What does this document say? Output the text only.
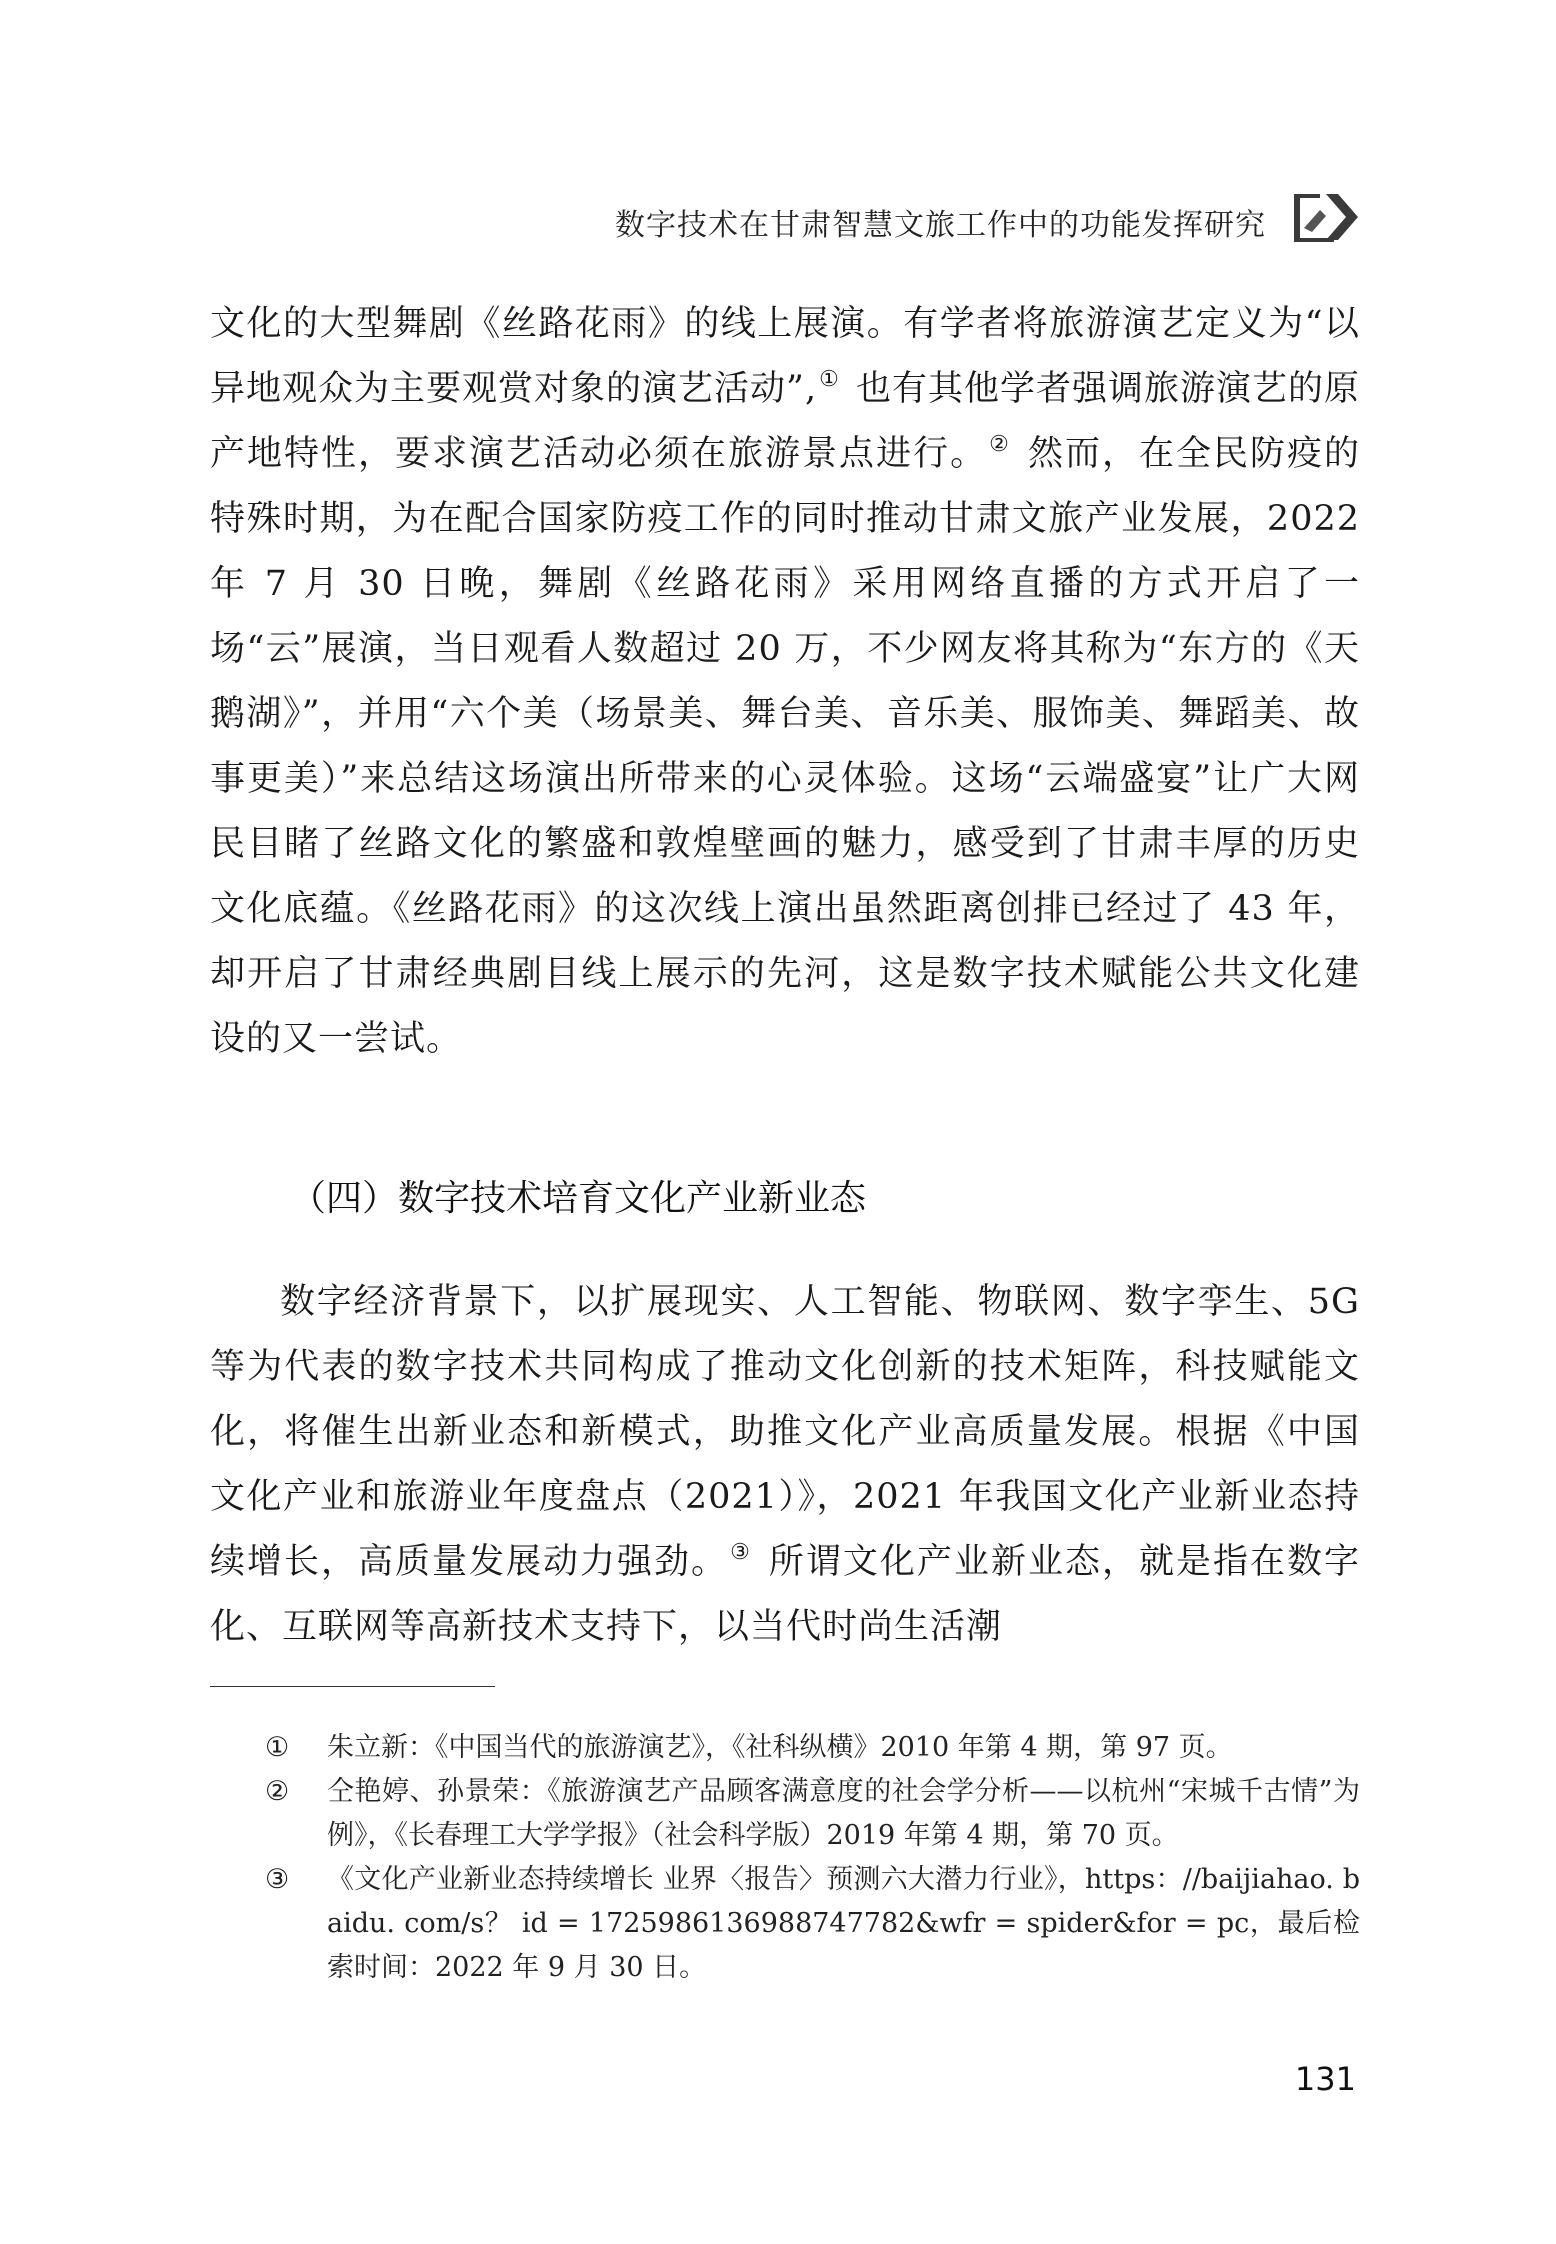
数字技术在甘肃智慧文旅工作中的功能发挥研究

文化的大型舞剧《丝路花雨》的线上展演。有学者将旅游演艺定义为“以异地观众为主要观赏对象的演艺活动”,① 也有其他学者强调旅游演艺的原产地特性，要求演艺活动必须在旅游景点进行。② 然而，在全民防疫的特殊时期，为在配合国家防疫工作的同时推动甘肃文旅产业发展，2022 年 7 月 30 日晚，舞剧《丝路花雨》采用网络直播的方式开启了一场“云”展演，当日观看人数超过 20 万，不少网友将其称为“东方的《天鹅湖》”，并用“六个美（场景美、舞台美、音乐美、服饰美、舞蹈美、故事更美）”来总结这场演出所带来的心灵体验。这场“云端盛宴”让广大网民目睹了丝路文化的繁盛和敦煌壁画的魅力，感受到了甘肃丰厚的历史文化底蕴。《丝路花雨》的这次线上演出虽然距离创排已经过了 43 年，却开启了甘肃经典剧目线上展示的先河，这是数字技术赋能公共文化建设的又一尝试。

（四）数字技术培育文化产业新业态

数字经济背景下，以扩展现实、人工智能、物联网、数字孪生、5G 等为代表的数字技术共同构成了推动文化创新的技术矩阵，科技赋能文化，将催生出新业态和新模式，助推文化产业高质量发展。根据《中国文化产业和旅游业年度盘点（2021）》，2021 年我国文化产业新业态持续增长，高质量发展动力强劲。③ 所谓文化产业新业态，就是指在数字化、互联网等高新技术支持下，以当代时尚生活潮

①	朱立新：《中国当代的旅游演艺》，《社科纵横》2010 年第 4 期，第 97 页。
②	仝艳婷、孙景荣：《旅游演艺产品顾客满意度的社会学分析——以杭州“宋城千古情”为例》，《长春理工大学学报》（社会科学版）2019 年第 4 期，第 70 页。
③	《文化产业新业态持续增长 业界〈报告〉预测六大潜力行业》，https：//baijiahao. baidu. com/s？ id = 1725986136988747782&wfr = spider&for = pc，最后检索时间：2022 年 9 月 30 日。
131
